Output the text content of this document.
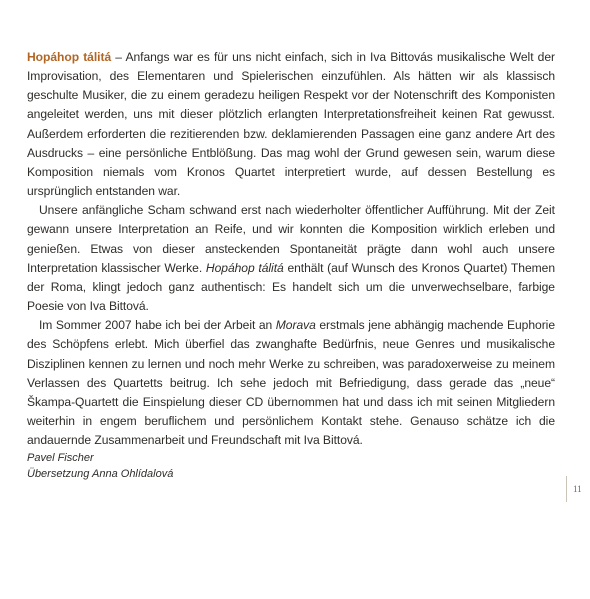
Hopáhop tálitá – Anfangs war es für uns nicht einfach, sich in Iva Bittovás musikalische Welt der Improvisation, des Elementaren und Spielerischen einzufühlen. Als hätten wir als klassisch geschulte Musiker, die zu einem geradezu heiligen Respekt vor der Notenschrift des Komponisten angeleitet werden, uns mit dieser plötzlich erlangten Interpretationsfreiheit keinen Rat gewusst. Außerdem erforderten die rezitierenden bzw. deklamierenden Passagen eine ganz andere Art des Ausdrucks – eine persönliche Entblößung. Das mag wohl der Grund gewesen sein, warum diese Komposition niemals vom Kronos Quartet interpretiert wurde, auf dessen Bestellung es ursprünglich entstanden war.

Unsere anfängliche Scham schwand erst nach wiederholter öffentlicher Aufführung. Mit der Zeit gewann unsere Interpretation an Reife, und wir konnten die Komposition wirklich erleben und genießen. Etwas von dieser ansteckenden Spontaneität prägte dann wohl auch unsere Interpretation klassischer Werke. Hopáhop tálitá enthält (auf Wunsch des Kronos Quartet) Themen der Roma, klingt jedoch ganz authentisch: Es handelt sich um die unverwechselbare, farbige Poesie von Iva Bittová.

Im Sommer 2007 habe ich bei der Arbeit an Morava erstmals jene abhängig machende Euphorie des Schöpfens erlebt. Mich überfiel das zwanghafte Bedürfnis, neue Genres und musikalische Disziplinen kennen zu lernen und noch mehr Werke zu schreiben, was paradoxerweise zu meinem Verlassen des Quartetts beitrug. Ich sehe jedoch mit Befriedigung, dass gerade das „neue“ Škampa-Quartett die Einspielung dieser CD übernommen hat und dass ich mit seinen Mitgliedern weiterhin in engem beruflichem und persönlichem Kontakt stehe. Genauso schätze ich die andauernde Zusammenarbeit und Freundschaft mit Iva Bittová.

Pavel Fischer
Übersetzung Anna Ohlídalová
11
